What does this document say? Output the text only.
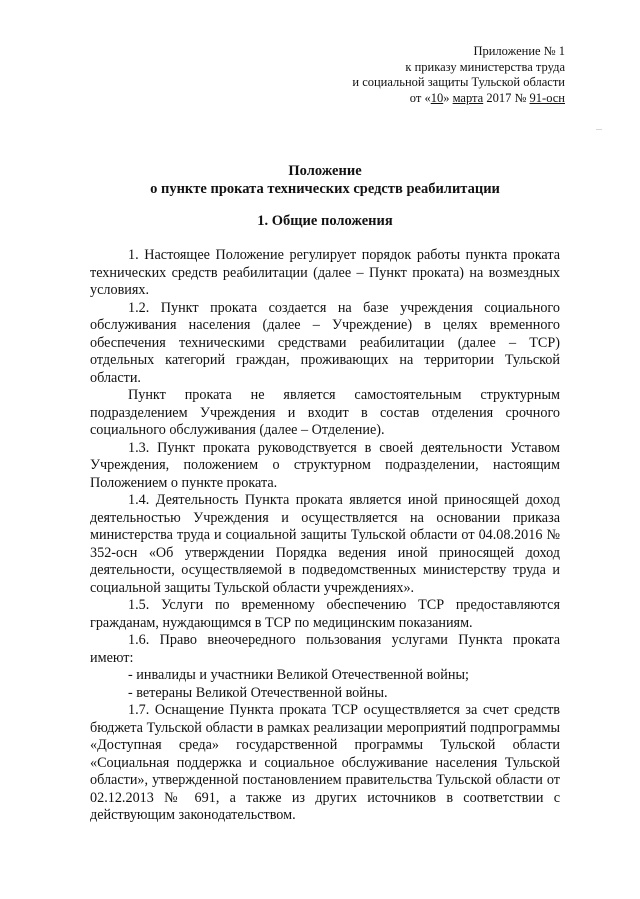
Приложение № 1
к приказу министерства труда
и социальной защиты Тульской области
от «10» марта 2017 № 91-осн
Положение
о пункте проката технических средств реабилитации
1. Общие положения

1. Настоящее Положение регулирует порядок работы пункта проката технических средств реабилитации (далее – Пункт проката) на возмездных условиях.

1.2. Пункт проката создается на базе учреждения социального обслуживания населения (далее – Учреждение) в целях временного обеспечения техническими средствами реабилитации (далее – ТСР) отдельных категорий граждан, проживающих на территории Тульской области.

Пункт проката не является самостоятельным структурным подразделением Учреждения и входит в состав отделения срочного социального обслуживания (далее – Отделение).

1.3. Пункт проката руководствуется в своей деятельности Уставом Учреждения, положением о структурном подразделении, настоящим Положением о пункте проката.

1.4. Деятельность Пункта проката является иной приносящей доход деятельностью Учреждения и осуществляется на основании приказа министерства труда и социальной защиты Тульской области от 04.08.2016 № 352-осн «Об утверждении Порядка ведения иной приносящей доход деятельности, осуществляемой в подведомственных министерству труда и социальной защиты Тульской области учреждениях».

1.5. Услуги по временному обеспечению ТСР предоставляются гражданам, нуждающимся в ТСР по медицинским показаниям.

1.6. Право внеочередного пользования услугами Пункта проката имеют:

- инвалиды и участники Великой Отечественной войны;

- ветераны Великой Отечественной войны.

1.7. Оснащение Пункта проката ТСР осуществляется за счет средств бюджета Тульской области в рамках реализации мероприятий подпрограммы «Доступная среда» государственной программы Тульской области «Социальная поддержка и социальное обслуживание населения Тульской области», утвержденной постановлением правительства Тульской области от 02.12.2013 № 691, а также из других источников в соответствии с действующим законодательством.
